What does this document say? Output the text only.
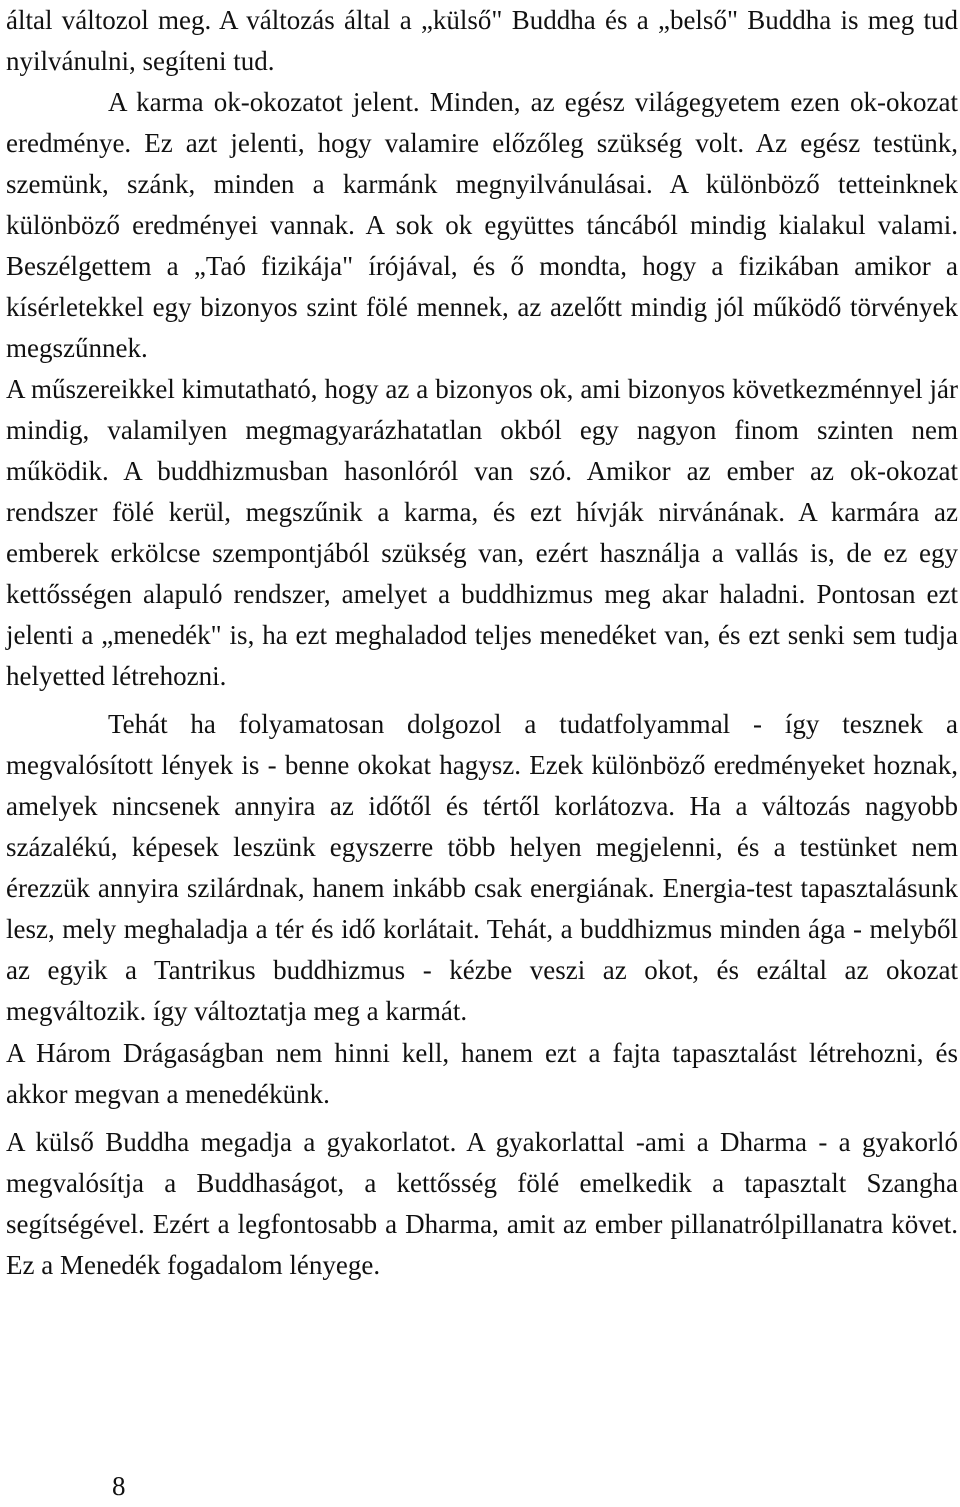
által változol meg. A változás által a „külső" Buddha és a „belső" Buddha is meg tud nyilvánulni, segíteni tud.

A karma ok-okozatot jelent. Minden, az egész világegyetem ezen ok-okozat eredménye. Ez azt jelenti, hogy valamire előzőleg szükség volt. Az egész testünk, szemünk, szánk, minden a karmánk megnyilvánulásai. A különböző tetteinknek különböző eredményei vannak. A sok ok együttes táncából mindig kialakul valami. Beszélgettem a „Taó fizikája" írójával, és ő mondta, hogy a fizikában amikor a kísérletekkel egy bizonyos szint fölé mennek, az azelőtt mindig jól működő törvények megszűnnek.

A műszereikkel kimutatható, hogy az a bizonyos ok, ami bizonyos következménnyel jár mindig, valamilyen megmagyarázhatatlan okból egy nagyon finom szinten nem működik. A buddhizmusban hasonlóról van szó. Amikor az ember az ok-okozat rendszer fölé kerül, megszűnik a karma, és ezt hívják nirvánának. A karmára az emberek erkölcse szempontjából szükség van, ezért használja a vallás is, de ez egy kettősségen alapuló rendszer, amelyet a buddhizmus meg akar haladni. Pontosan ezt jelenti a „menedék" is, ha ezt meghaladod teljes menedéket van, és ezt senki sem tudja helyetted létrehozni.

Tehát ha folyamatosan dolgozol a tudatfolyammal - így tesznek a megvalósított lények is - benne okokat hagysz. Ezek különböző eredményeket hoznak, amelyek nincsenek annyira az időtől és tértől korlátozva. Ha a változás nagyobb százalékú, képesek leszünk egyszerre több helyen megjelenni, és a testünket nem érezzük annyira szilárdnak, hanem inkább csak energiának. Energia-test tapasztalásunk lesz, mely meghaladja a tér és idő korlátait. Tehát, a buddhizmus minden ága - melyből az egyik a Tantrikus buddhizmus - kézbe veszi az okot, és ezáltal az okozat megváltozik. így változtatja meg a karmát.

A Három Drágaságban nem hinni kell, hanem ezt a fajta tapasztalást létrehozni, és akkor megvan a menedékünk.

A külső Buddha megadja a gyakorlatot. A gyakorlattal -ami a Dharma - a gyakorló megvalósítja a Buddhaságot, a kettősség fölé emelkedik a tapasztalt Szangha segítségével. Ezért a legfontosabb a Dharma, amit az ember pillanatrólpillanatra követ. Ez a Menedék fogadalom lényege.

8
